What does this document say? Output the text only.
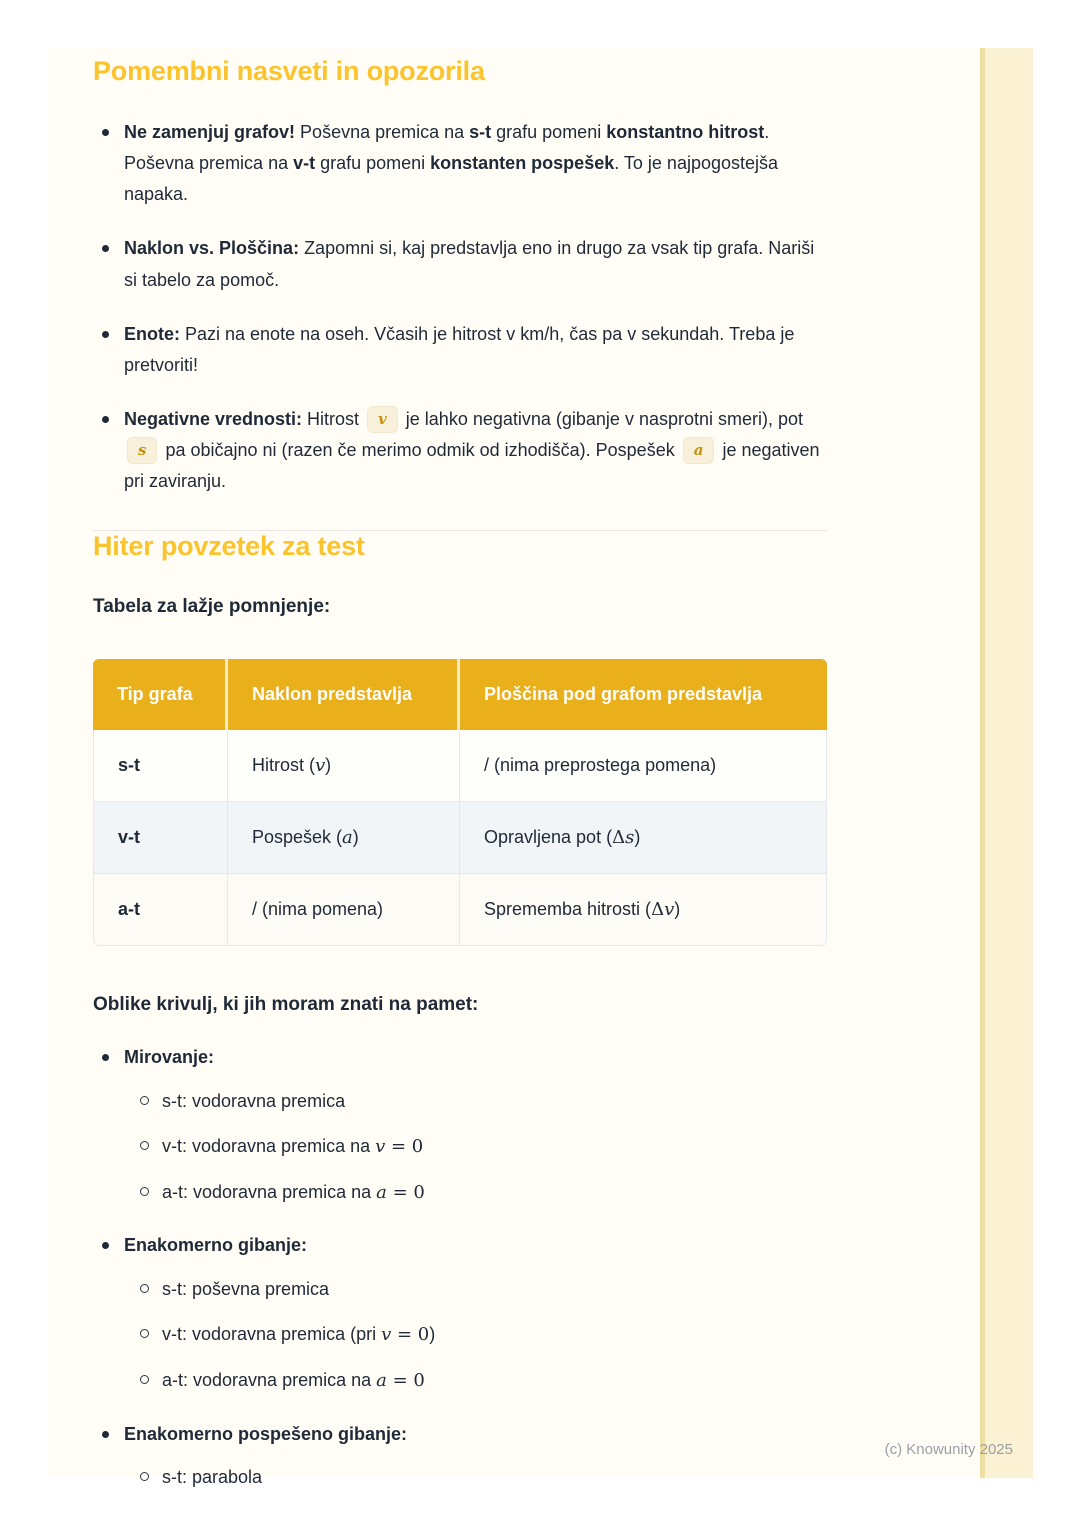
Pomembni nasveti in opozorila
Ne zamenjuj grafov! Poševna premica na s-t grafu pomeni konstantno hitrost. Poševna premica na v-t grafu pomeni konstanten pospešek. To je najpogostejša napaka.
Naklon vs. Ploščina: Zapomni si, kaj predstavlja eno in drugo za vsak tip grafa. Nariši si tabelo za pomoč.
Enote: Pazi na enote na oseh. Včasih je hitrost v km/h, čas pa v sekundah. Treba je pretvoriti!
Negativne vrednosti: Hitrost v je lahko negativna (gibanje v nasprotni smeri), pot s pa običajno ni (razen če merimo odmik od izhodišča). Pospešek a je negativen pri zaviranju.
Hiter povzetek za test
Tabela za lažje pomnjenje:
Tip grafa	Naklon predstavlja	Ploščina pod grafom predstavlja
s-t	Hitrost (v)	/ (nima preprostega pomena)
v-t	Pospešek (a)	Opravljena pot (Δs)
a-t	/ (nima pomena)	Sprememba hitrosti (Δv)
Oblike krivulj, ki jih moram znati na pamet:
Mirovanje:
s-t: vodoravna premica
v-t: vodoravna premica na v = 0
a-t: vodoravna premica na a = 0
Enakomerno gibanje:
s-t: poševna premica
v-t: vodoravna premica (pri v = 0)
a-t: vodoravna premica na a = 0
Enakomerno pospešeno gibanje:
s-t: parabola
(c) Knowunity 2025
